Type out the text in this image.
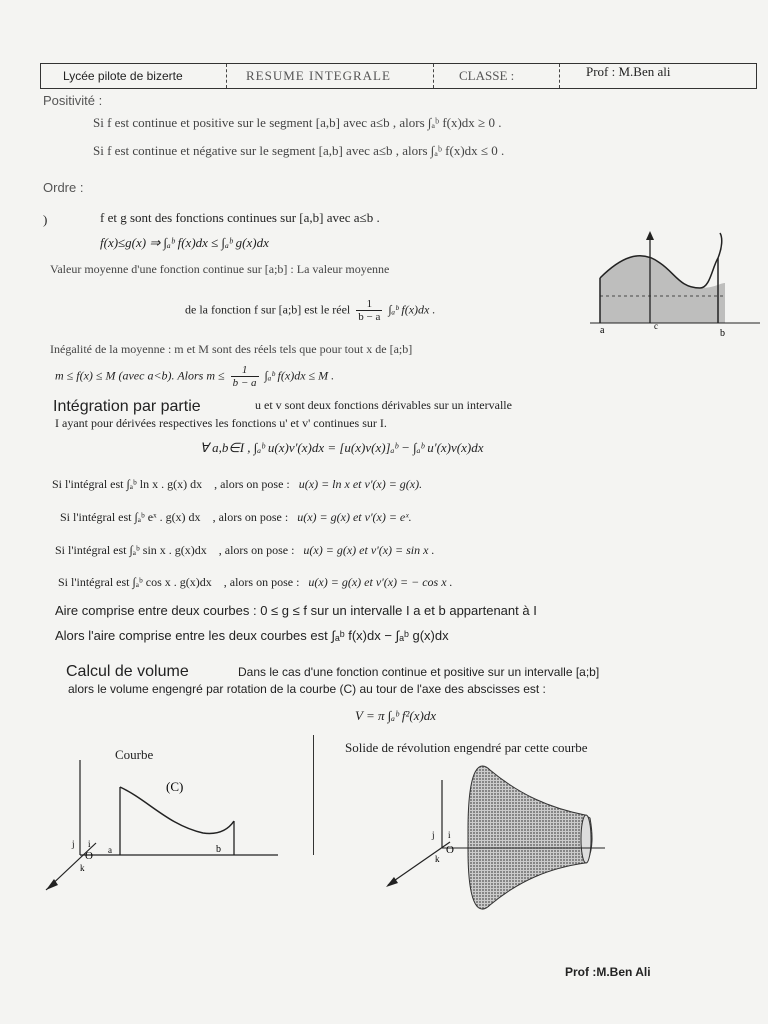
Lycée pilote de bizerte	RESUME INTEGRALE	CLASSE :	Prof : M.Ben ali
Positivité :
Si f est continue et positive sur le segment [a,b] avec a≤b , alors ∫ₐᵇ f(x)dx ≥ 0 .
Si f est continue et négative sur le segment [a,b] avec a≤b , alors ∫ₐᵇ f(x)dx ≤ 0 .
Ordre :
)	f et g sont des fonctions continues sur [a,b] avec a≤b .
f(x)≤g(x) ⇒ ∫ₐᵇ f(x)dx ≤ ∫ₐᵇ g(x)dx
Valeur moyenne d'une fonction continue sur [a;b] : La valeur moyenne
de la fonction f sur [a;b] est le réel $\frac{1}{b - a}$ ∫ₐᵇ f(x)dx .
a	c
b
Inégalité de la moyenne : m et M sont des réels tels que pour tout x de [a;b]
m ≤ f(x) ≤ M (avec a<b). Alors $m \le \frac{1}{b - a}$ ∫ₐᵇ f(x)dx ≤ M .
Intégration par partie	u et v sont deux fonctions dérivables sur un intervalle
I ayant pour dérivées respectives les fonctions u' et v' continues sur I.
∀ a,b∈I , ∫ₐᵇ u(x)v'(x)dx = [u(x)v(x)]ₐᵇ − ∫ₐᵇ u'(x)v(x)dx
Si l'intégral est ∫ₐᵇ ln x . g(x) dx , alors on pose : u(x) = ln x et v'(x) = g(x).
Si l'intégral est ∫ₐᵇ eˣ . g(x) dx , alors on pose : u(x) = g(x) et v'(x) = eˣ.
Si l'intégral est ∫ₐᵇ sin x . g(x)dx , alors on pose : u(x) = g(x) et v'(x) = sin x .
Si l'intégral est ∫ₐᵇ cos x . g(x)dx , alors on pose : u(x) = g(x) et v'(x) = − cos x .
Aire comprise entre deux courbes : 0 ≤ g ≤ f sur un intervalle I a et b appartenant à I
Alors l'aire comprise entre les deux courbes est ∫ₐᵇ f(x)dx − ∫ₐᵇ g(x)dx
Calcul de volume	Dans le cas d'une fonction continue et positive sur un intervalle [a;b]
alors le volume engengré par rotation de la courbe (C) au tour de l'axe des abscisses est :
V = π ∫ₐᵇ f²(x)dx
Courbe
(C)
a	b
O
i
j
k
Solide de révolution engendré par cette courbe
O
i
j
k
Prof :M.Ben Ali
